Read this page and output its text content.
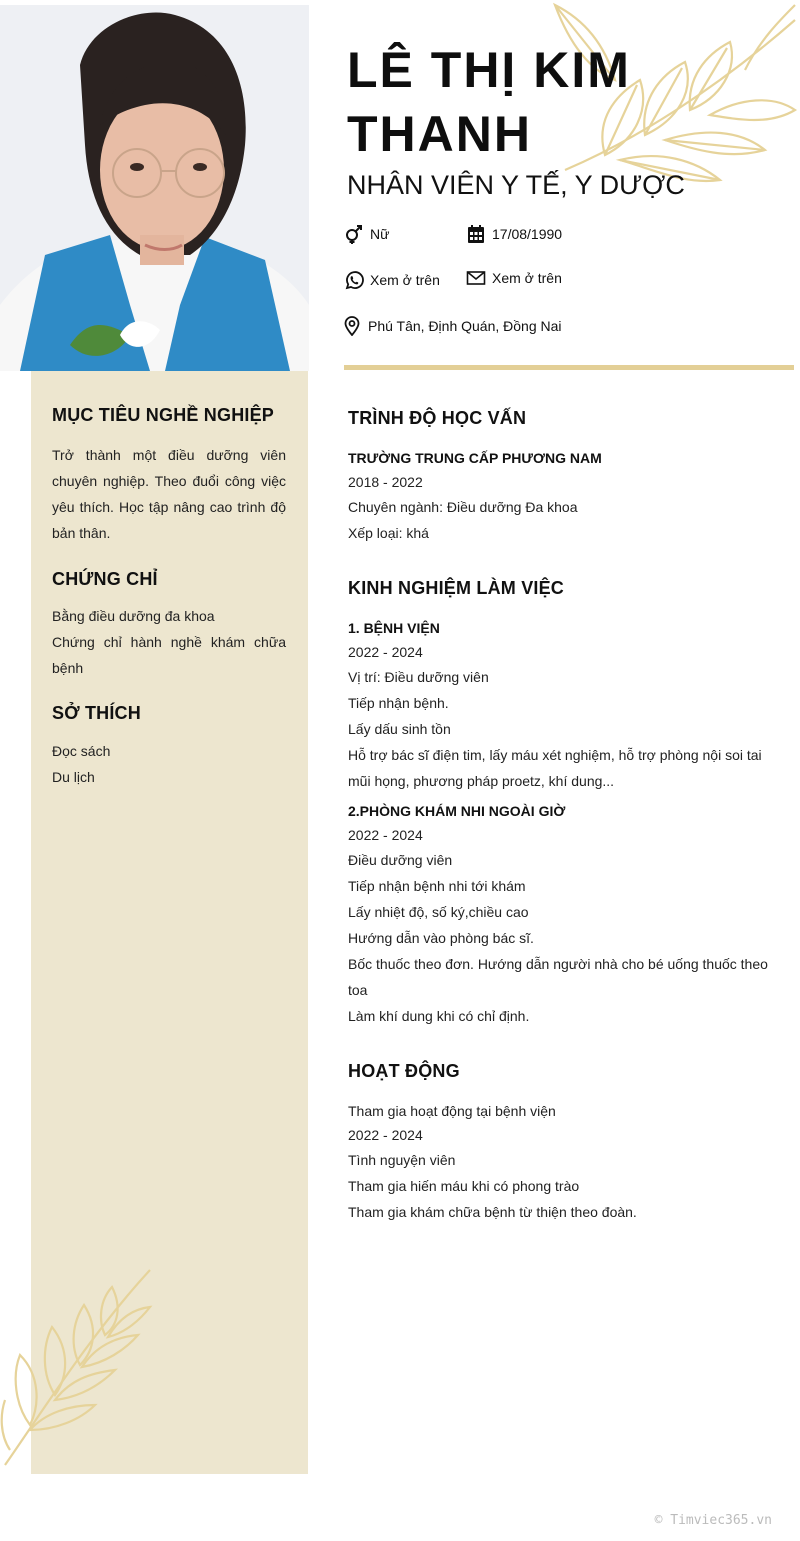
MỤC TIÊU NGHỀ NGHIỆP
Trở thành một điều dưỡng viên chuyên nghiệp. Theo đuổi công việc yêu thích. Học tập nâng cao trình độ bản thân.
CHỨNG CHỈ
Bằng điều dưỡng đa khoa
Chứng chỉ hành nghề khám chữa bệnh
SỞ THÍCH
Đọc sách
Du lịch
LÊ THỊ KIM THANH
NHÂN VIÊN Y TẾ, Y DƯỢC
Nữ	17/08/1990
Xem ở trên	Xem ở trên
Phú Tân, Định Quán, Đồng Nai
TRÌNH ĐỘ HỌC VẤN
TRƯỜNG TRUNG CẤP PHƯƠNG NAM
2018 - 2022
Chuyên ngành: Điều dưỡng Đa khoa
Xếp loại: khá
KINH NGHIỆM LÀM VIỆC
1. BỆNH VIỆN
2022 - 2024
Vị trí: Điều dưỡng viên
Tiếp nhận bệnh.
Lấy dấu sinh tồn
Hỗ trợ bác sĩ điện tim, lấy máu xét nghiệm, hỗ trợ phòng nội soi tai mũi họng, phương pháp proetz, khí dung...
2.PHÒNG KHÁM NHI NGOÀI GIỜ
2022 - 2024
Điều dưỡng viên
Tiếp nhận bệnh nhi tới khám
Lấy nhiệt độ, số ký,chiều cao
Hướng dẫn vào phòng bác sĩ.
Bốc thuốc theo đơn. Hướng dẫn người nhà cho bé uống thuốc theo toa
Làm khí dung khi có chỉ định.
HOẠT ĐỘNG
Tham gia hoạt động tại bệnh viện
2022 - 2024
Tình nguyện viên
Tham gia hiến máu khi có phong trào
Tham gia khám chữa bệnh từ thiện theo đoàn.
© Timviec365.vn
